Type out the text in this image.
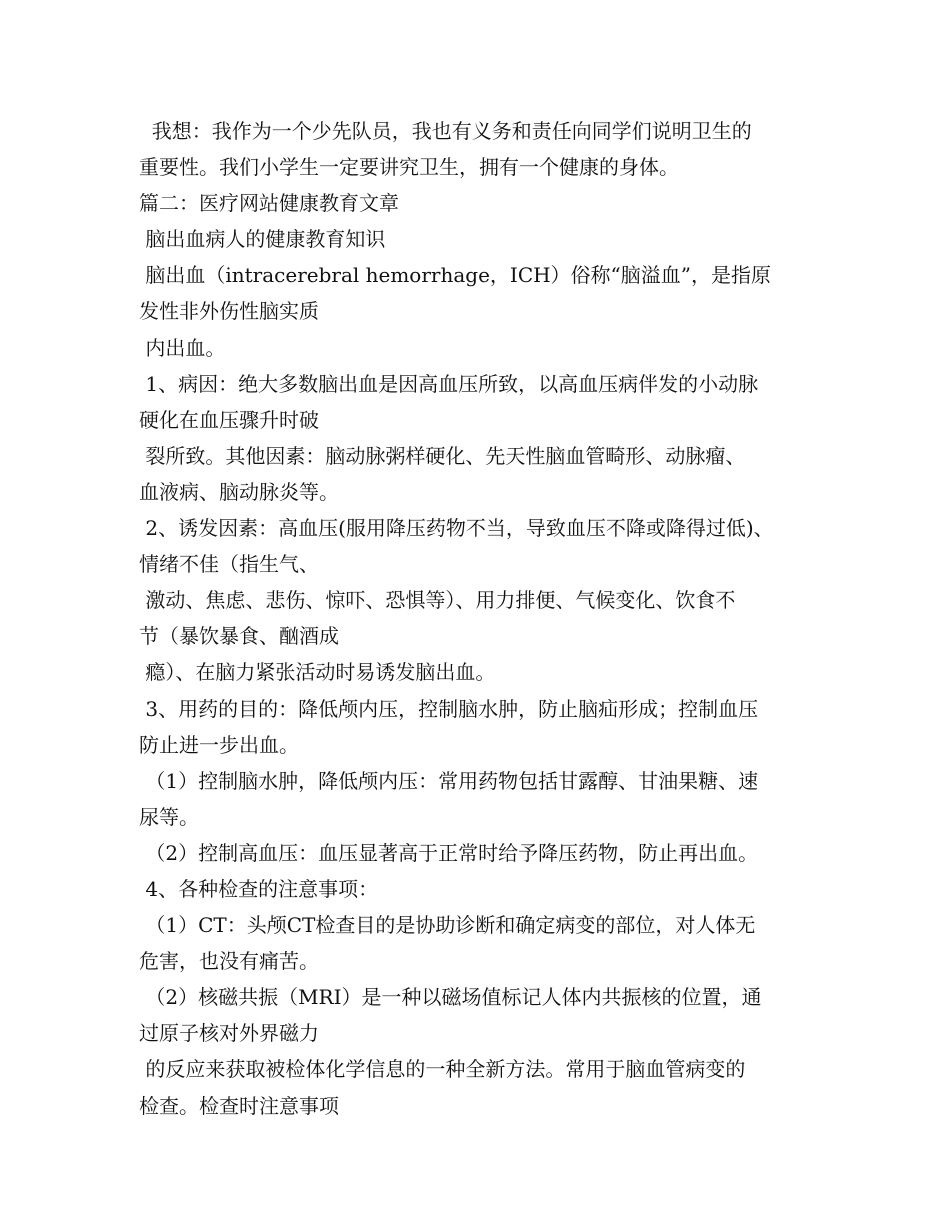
我想：我作为一个少先队员，我也有义务和责任向同学们说明卫生的
重要性。我们小学生一定要讲究卫生，拥有一个健康的身体。
篇二：医疗网站健康教育文章
脑出血病人的健康教育知识
脑出血（intracerebral hemorrhage，ICH）俗称“脑溢血”，是指原
发性非外伤性脑实质
内出血。
1、病因：绝大多数脑出血是因高血压所致，以高血压病伴发的小动脉
硬化在血压骤升时破
裂所致。其他因素：脑动脉粥样硬化、先天性脑血管畸形、动脉瘤、
血液病、脑动脉炎等。
2、诱发因素：高血压(服用降压药物不当，导致血压不降或降得过低)、
情绪不佳（指生气、
激动、焦虑、悲伤、惊吓、恐惧等）、用力排便、气候变化、饮食不
节（暴饮暴食、酗酒成
瘾）、在脑力紧张活动时易诱发脑出血。
3、用药的目的：降低颅内压，控制脑水肿，防止脑疝形成；控制血压
防止进一步出血。
（1）控制脑水肿，降低颅内压：常用药物包括甘露醇、甘油果糖、速
尿等。
（2）控制高血压：血压显著高于正常时给予降压药物，防止再出血。
4、各种检查的注意事项：
（1）CT：头颅CT检查目的是协助诊断和确定病变的部位，对人体无
危害，也没有痛苦。
（2）核磁共振（MRI）是一种以磁场值标记人体内共振核的位置，通
过原子核对外界磁力
的反应来获取被检体化学信息的一种全新方法。常用于脑血管病变的
检查。检查时注意事项
